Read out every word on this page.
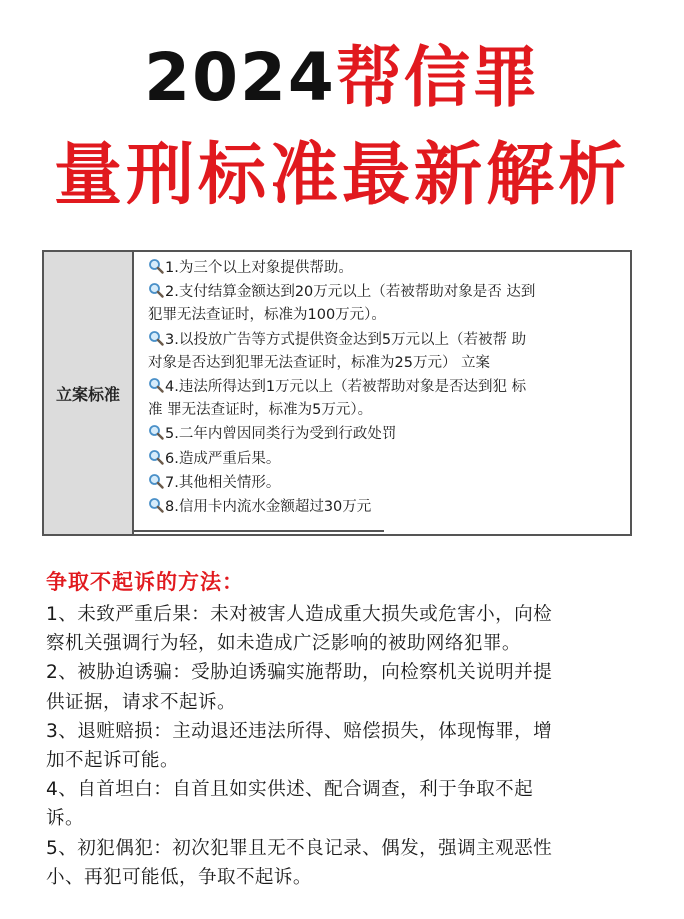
2024帮信罪
量刑标准最新解析
立案标准
1.为三个以上对象提供帮助。
2.支付结算金额达到20万元以上（若被帮助对象是否 达到
犯罪无法查证时，标准为100万元）。
3.以投放广告等方式提供资金达到5万元以上（若被帮 助
对象是否达到犯罪无法查证时，标准为25万元） 立案
4.违法所得达到1万元以上（若被帮助对象是否达到犯 标
准 罪无法查证时，标准为5万元）。
5.二年内曾因同类行为受到行政处罚
6.造成严重后果。
7.其他相关情形。
8.信用卡内流水金额超过30万元
争取不起诉的方法：
1、未致严重后果：未对被害人造成重大损失或危害小，向检
察机关强调行为轻，如未造成广泛影响的被助网络犯罪。
2、被胁迫诱骗：受胁迫诱骗实施帮助，向检察机关说明并提
供证据，请求不起诉。
3、退赃赔损：主动退还违法所得、赔偿损失，体现悔罪，增
加不起诉可能。
4、自首坦白：自首且如实供述、配合调查，利于争取不起
诉。
5、初犯偶犯：初次犯罪且无不良记录、偶发，强调主观恶性
小、再犯可能低，争取不起诉。
